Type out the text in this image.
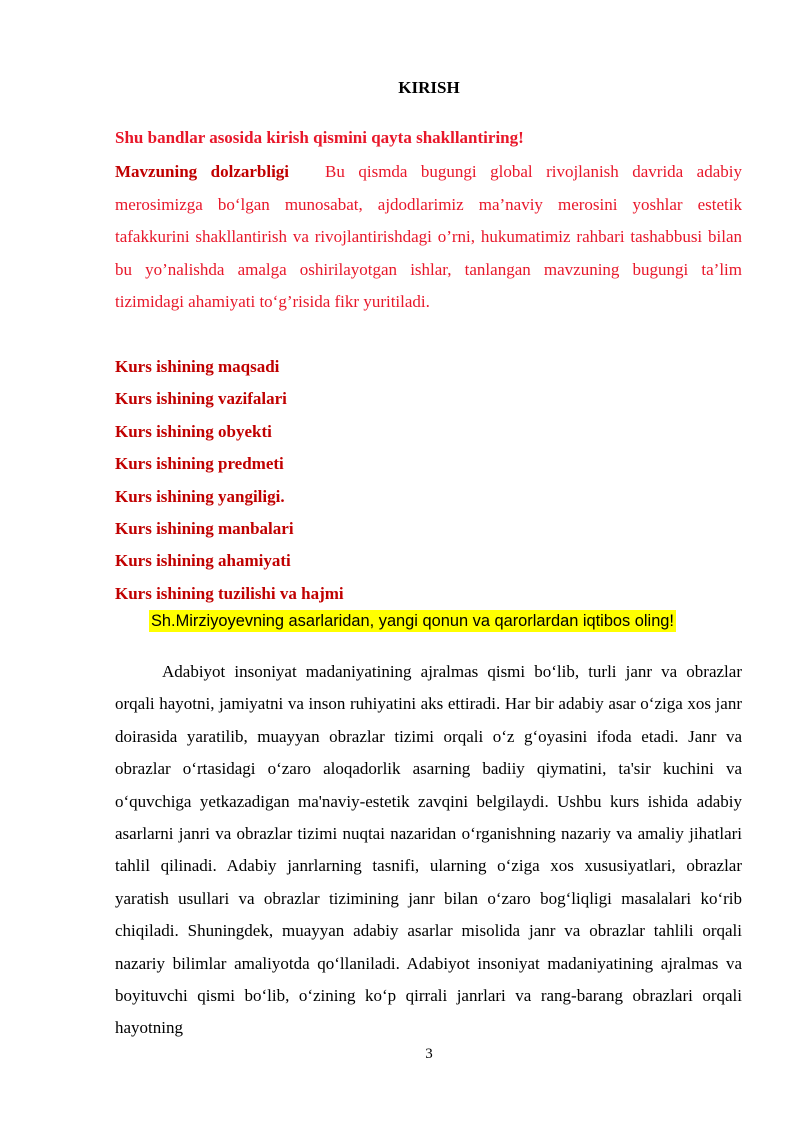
KIRISH
Shu bandlar asosida kirish qismini qayta shakllantiring!
Mavzuning dolzarbligi Bu qismda bugungi global rivojlanish davrida adabiy merosimizga bo‘lgan munosabat, ajdodlarimiz ma’naviy merosini yoshlar estetik tafakkurini shakllantirish va rivojlantirishdagi o’rni, hukumatimiz rahbari tashabbusi bilan bu yo’nalishda amalga oshirilayotgan ishlar, tanlangan mavzuning bugungi ta’lim tizimidagi ahamiyati to‘g’risida fikr yuritiladi.
Kurs ishining maqsadi
Kurs ishining vazifalari
Kurs ishining obyekti
Kurs ishining predmeti
Kurs ishining yangiligi.
Kurs ishining manbalari
Kurs ishining ahamiyati
Kurs ishining tuzilishi va hajmi
Sh.Mirziyoyevning asarlaridan, yangi qonun va qarorlardan iqtibos oling!
Adabiyot insoniyat madaniyatining ajralmas qismi bo‘lib, turli janr va obrazlar orqali hayotni, jamiyatni va inson ruhiyatini aks ettiradi. Har bir adabiy asar o‘ziga xos janr doirasida yaratilib, muayyan obrazlar tizimi orqali o‘z g‘oyasini ifoda etadi. Janr va obrazlar o‘rtasidagi o‘zaro aloqadorlik asarning badiiy qiymatini, ta'sir kuchini va o‘quvchiga yetkazadigan ma'naviy-estetik zavqini belgilaydi. Ushbu kurs ishida adabiy asarlarni janri va obrazlar tizimi nuqtai nazaridan o‘rganishning nazariy va amaliy jihatlari tahlil qilinadi. Adabiy janrlarning tasnifi, ularning o‘ziga xos xususiyatlari, obrazlar yaratish usullari va obrazlar tizimining janr bilan o‘zaro bog‘liqligi masalalari ko‘rib chiqiladi. Shuningdek, muayyan adabiy asarlar misolida janr va obrazlar tahlili orqali nazariy bilimlar amaliyotda qo‘llaniladi. Adabiyot insoniyat madaniyatining ajralmas va boyituvchi qismi bo‘lib, o‘zining ko‘p qirrali janrlari va rang-barang obrazlari orqali hayotning
3
